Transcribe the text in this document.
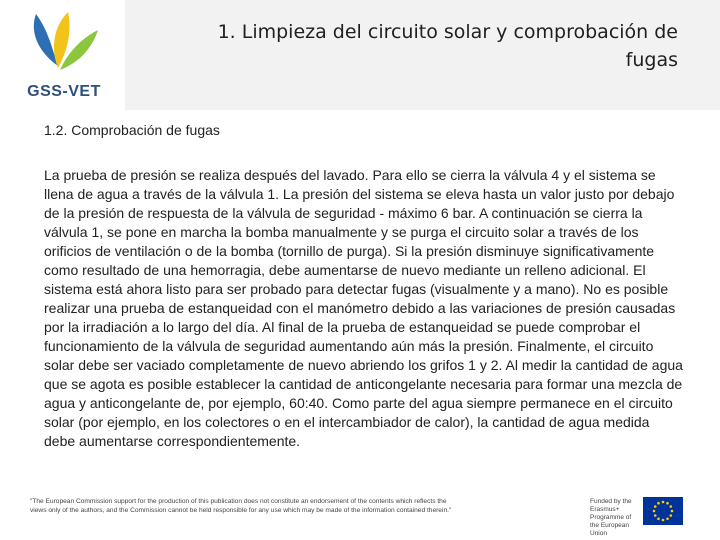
GSS-VET
1. Limpieza del circuito solar y comprobación de fugas
1.2. Comprobación de fugas
La prueba de presión se realiza después del lavado. Para ello se cierra la válvula 4 y el sistema se llena de agua a través de la válvula 1. La presión del sistema se eleva hasta un valor justo por debajo de la presión de respuesta de la válvula de seguridad - máximo 6 bar. A continuación se cierra la válvula 1, se pone en marcha la bomba manualmente y se purga el circuito solar a través de los orificios de ventilación o de la bomba (tornillo de purga). Si la presión disminuye significativamente como resultado de una hemorragia, debe aumentarse de nuevo mediante un relleno adicional. El sistema está ahora listo para ser probado para detectar fugas (visualmente y a mano). No es posible realizar una prueba de estanqueidad con el manómetro debido a las variaciones de presión causadas por la irradiación a lo largo del día. Al final de la prueba de estanqueidad se puede comprobar el funcionamiento de la válvula de seguridad aumentando aún más la presión. Finalmente, el circuito solar debe ser vaciado completamente de nuevo abriendo los grifos 1 y 2. Al medir la cantidad de agua que se agota es posible establecer la cantidad de anticongelante necesaria para formar una mezcla de agua y anticongelante de, por ejemplo, 60:40. Como parte del agua siempre permanece en el circuito solar (por ejemplo, en los colectores o en el intercambiador de calor), la cantidad de agua medida debe aumentarse correspondientemente.
"The European Commission support for the production of this publication does not constitute an endorsement of the contents which reflects the views only of the authors, and the Commission cannot be held responsible for any use which may be made of the information contained therein."
Funded by the Erasmus+ Programme of the European Union
